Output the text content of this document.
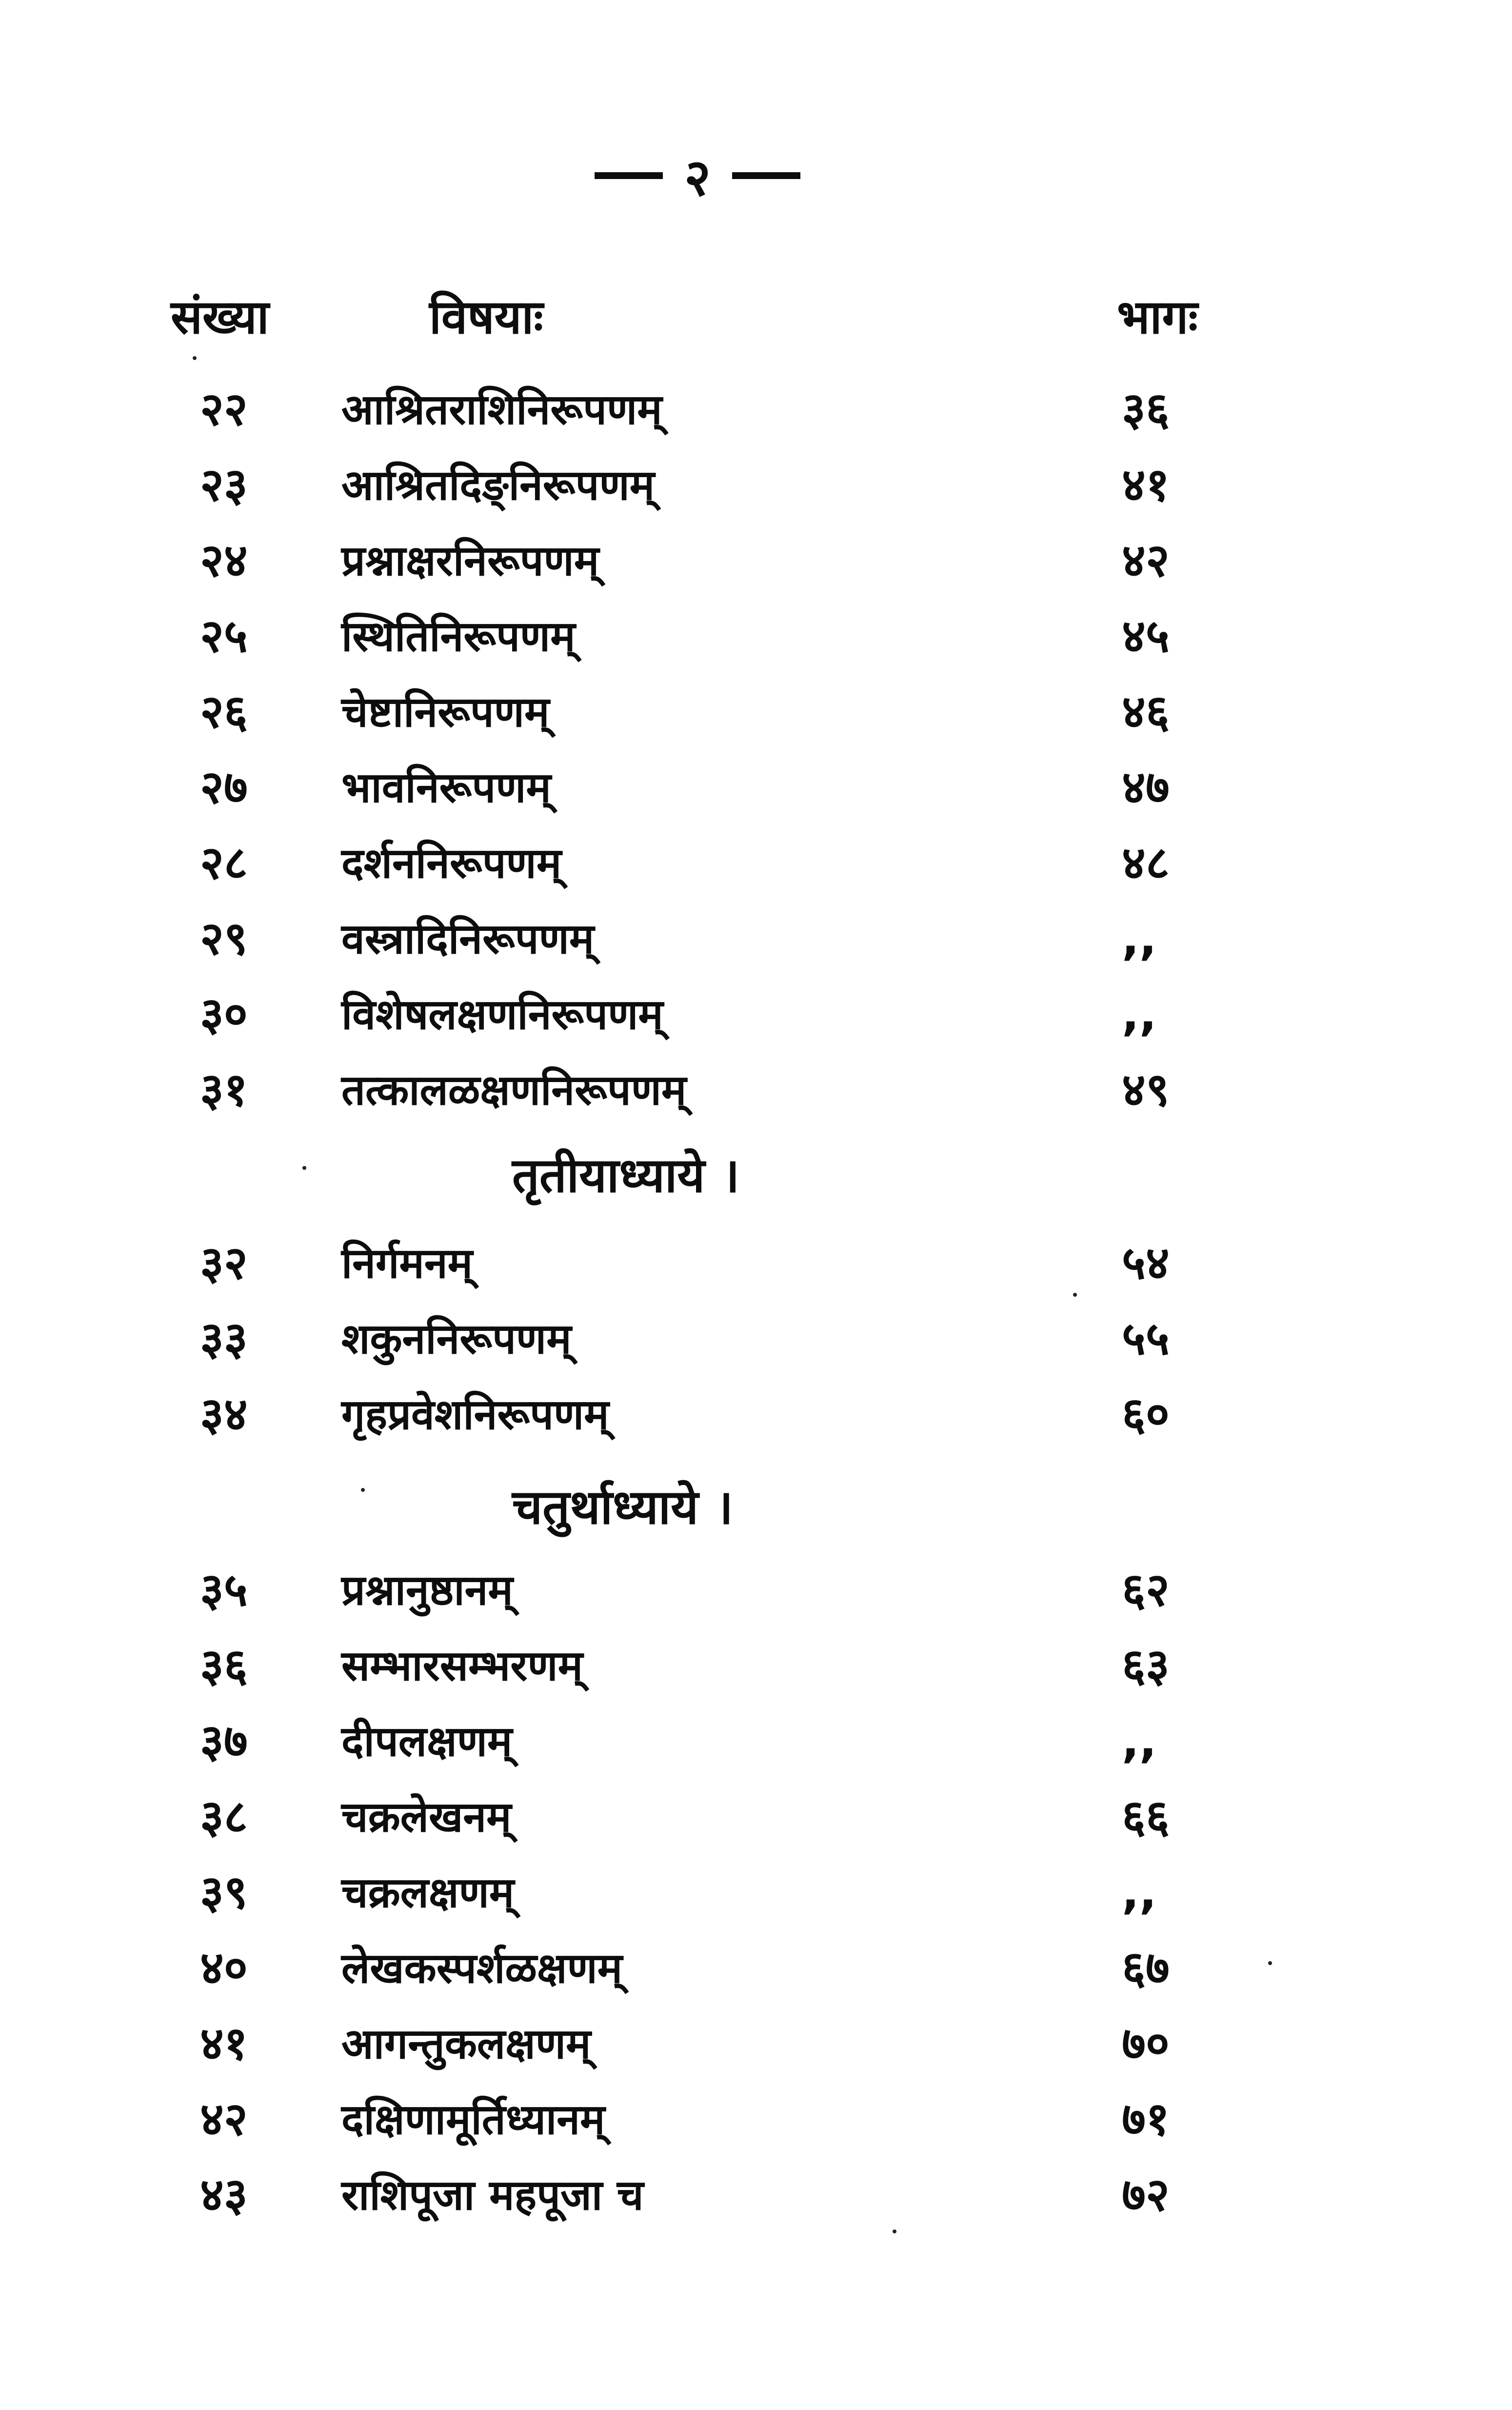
२
संख्या	विषयाः	भागः
२२	आश्रितराशिनिरूपणम्	३६
२३	आश्रितदिङ्निरूपणम्	४१
२४	प्रश्नाक्षरनिरूपणम्	४२
२५	स्थितिनिरूपणम्	४५
२६	चेष्टानिरूपणम्	४६
२७	भावनिरूपणम्	४७
२८	दर्शननिरूपणम्	४८
२९	वस्त्रादिनिरूपणम्	,,
३०	विशेषलक्षणनिरूपणम्	,,
३१	तत्कालळक्षणनिरूपणम्	४९
तृतीयाध्याये ।
३२	निर्गमनम्	५४
३३	शकुननिरूपणम्	५५
३४	गृहप्रवेशनिरूपणम्	६०
चतुर्थाध्याये ।
३५	प्रश्नानुष्ठानम्	६२
३६	सम्भारसम्भरणम्	६३
३७	दीपलक्षणम्	,,
३८	चक्रलेखनम्	६६
३९	चक्रलक्षणम्	,,
४०	लेखकस्पर्शळक्षणम्	६७
४१	आगन्तुकलक्षणम्	७०
४२	दक्षिणामूर्तिध्यानम्	७१
४३	राशिपूजा महपूजा च	७२
